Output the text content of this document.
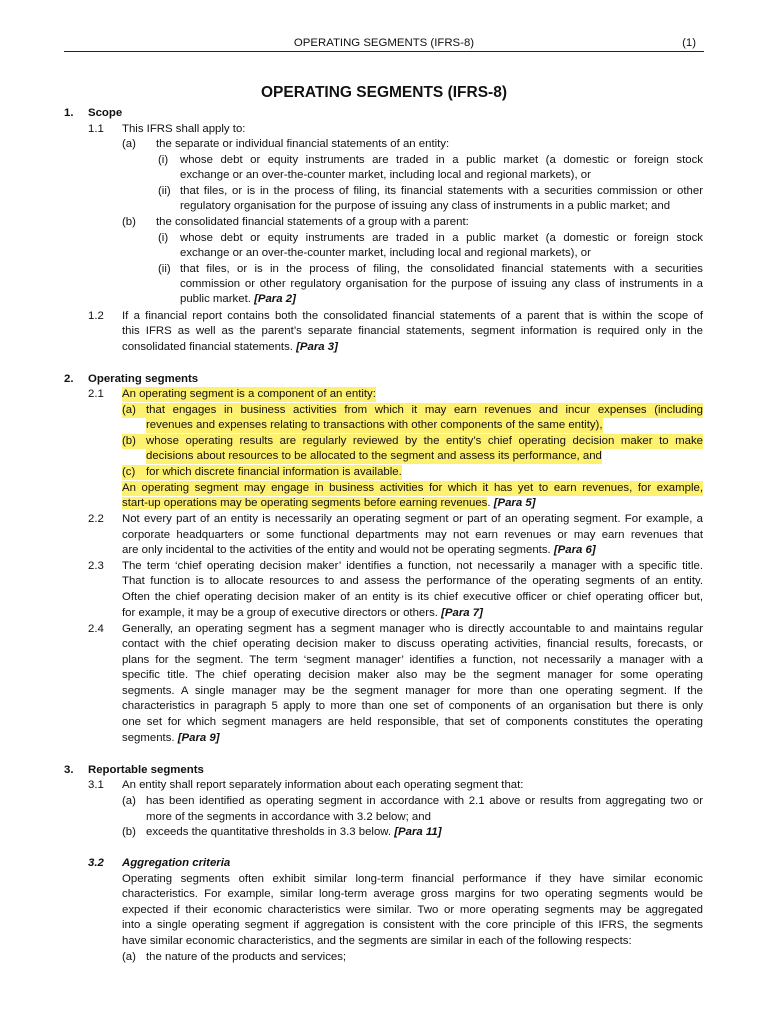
OPERATING SEGMENTS (IFRS-8)	(1)
OPERATING SEGMENTS (IFRS-8)
1. Scope
1.1 This IFRS shall apply to:
(a) the separate or individual financial statements of an entity:
(i) whose debt or equity instruments are traded in a public market (a domestic or foreign stock
exchange or an over-the-counter market, including local and regional markets), or
(ii) that files, or is in the process of filing, its financial statements with a securities commission or other
regulatory organisation for the purpose of issuing any class of instruments in a public market; and
(b) the consolidated financial statements of a group with a parent:
(i) whose debt or equity instruments are traded in a public market (a domestic or foreign stock
exchange or an over-the-counter market, including local and regional markets), or
(ii) that files, or is in the process of filing, the consolidated financial statements with a securities
commission or other regulatory organisation for the purpose of issuing any class of instruments in a
public market. [Para 2]
1.2 If a financial report contains both the consolidated financial statements of a parent that is within the scope of
this IFRS as well as the parent’s separate financial statements, segment information is required only in the
consolidated financial statements. [Para 3]
2. Operating segments
2.1 An operating segment is a component of an entity:
(a) that engages in business activities from which it may earn revenues and incur expenses (including
revenues and expenses relating to transactions with other components of the same entity),
(b) whose operating results are regularly reviewed by the entity’s chief operating decision maker to make
decisions about resources to be allocated to the segment and assess its performance, and
(c) for which discrete financial information is available.
An operating segment may engage in business activities for which it has yet to earn revenues, for example,
start-up operations may be operating segments before earning revenues. [Para 5]
2.2 Not every part of an entity is necessarily an operating segment or part of an operating segment. For example, a
corporate headquarters or some functional departments may not earn revenues or may earn revenues that
are only incidental to the activities of the entity and would not be operating segments. [Para 6]
2.3 The term ‘chief operating decision maker’ identifies a function, not necessarily a manager with a specific title.
That function is to allocate resources to and assess the performance of the operating segments of an entity.
Often the chief operating decision maker of an entity is its chief executive officer or chief operating officer but,
for example, it may be a group of executive directors or others. [Para 7]
2.4 Generally, an operating segment has a segment manager who is directly accountable to and maintains regular
contact with the chief operating decision maker to discuss operating activities, financial results, forecasts, or
plans for the segment. The term ‘segment manager’ identifies a function, not necessarily a manager with a
specific title. The chief operating decision maker also may be the segment manager for some operating
segments. A single manager may be the segment manager for more than one operating segment. If the
characteristics in paragraph 5 apply to more than one set of components of an organisation but there is only
one set for which segment managers are held responsible, that set of components constitutes the operating
segments. [Para 9]
3. Reportable segments
3.1 An entity shall report separately information about each operating segment that:
(a) has been identified as operating segment in accordance with 2.1 above or results from aggregating two or
more of the segments in accordance with 3.2 below; and
(b) exceeds the quantitative thresholds in 3.3 below. [Para 11]
3.2 Aggregation criteria
Operating segments often exhibit similar long-term financial performance if they have similar economic
characteristics. For example, similar long-term average gross margins for two operating segments would be
expected if their economic characteristics were similar. Two or more operating segments may be aggregated
into a single operating segment if aggregation is consistent with the core principle of this IFRS, the segments
have similar economic characteristics, and the segments are similar in each of the following respects:
(a) the nature of the products and services;
